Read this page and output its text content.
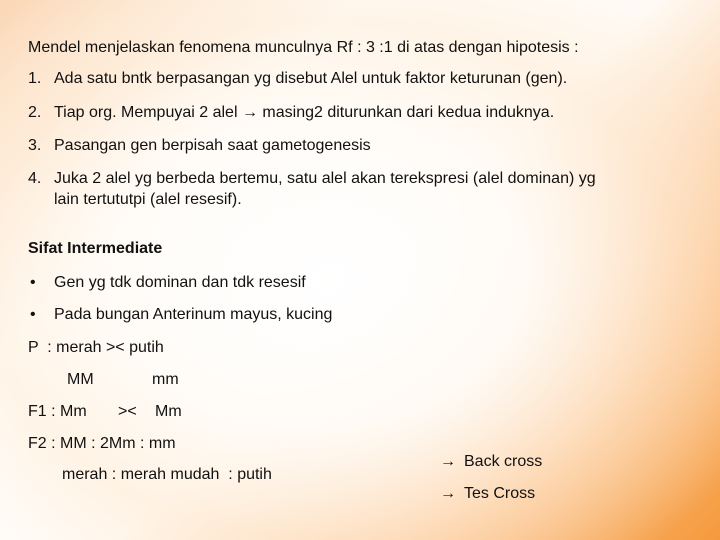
Mendel menjelaskan fenomena munculnya Rf : 3 :1 di atas dengan hipotesis :
1. Ada satu bntk berpasangan yg disebut Alel untuk faktor keturunan (gen).
2. Tiap org. Mempuyai 2 alel → masing2 diturunkan dari kedua induknya.
3. Pasangan gen berpisah saat gametogenesis
4. Juka 2 alel yg berbeda bertemu, satu alel akan terekspresi (alel dominan) yg
lain tertututpi (alel resesif).
Sifat Intermediate
• Gen yg tdk dominan dan tdk resesif
• Pada bungan Anterinum mayus, kucing
P  : merah >< putih
MM	mm
F1 : Mm >< Mm
F2 : MM : 2Mm : mm
merah : merah mudah  : putih
→ Back cross
→ Tes Cross
